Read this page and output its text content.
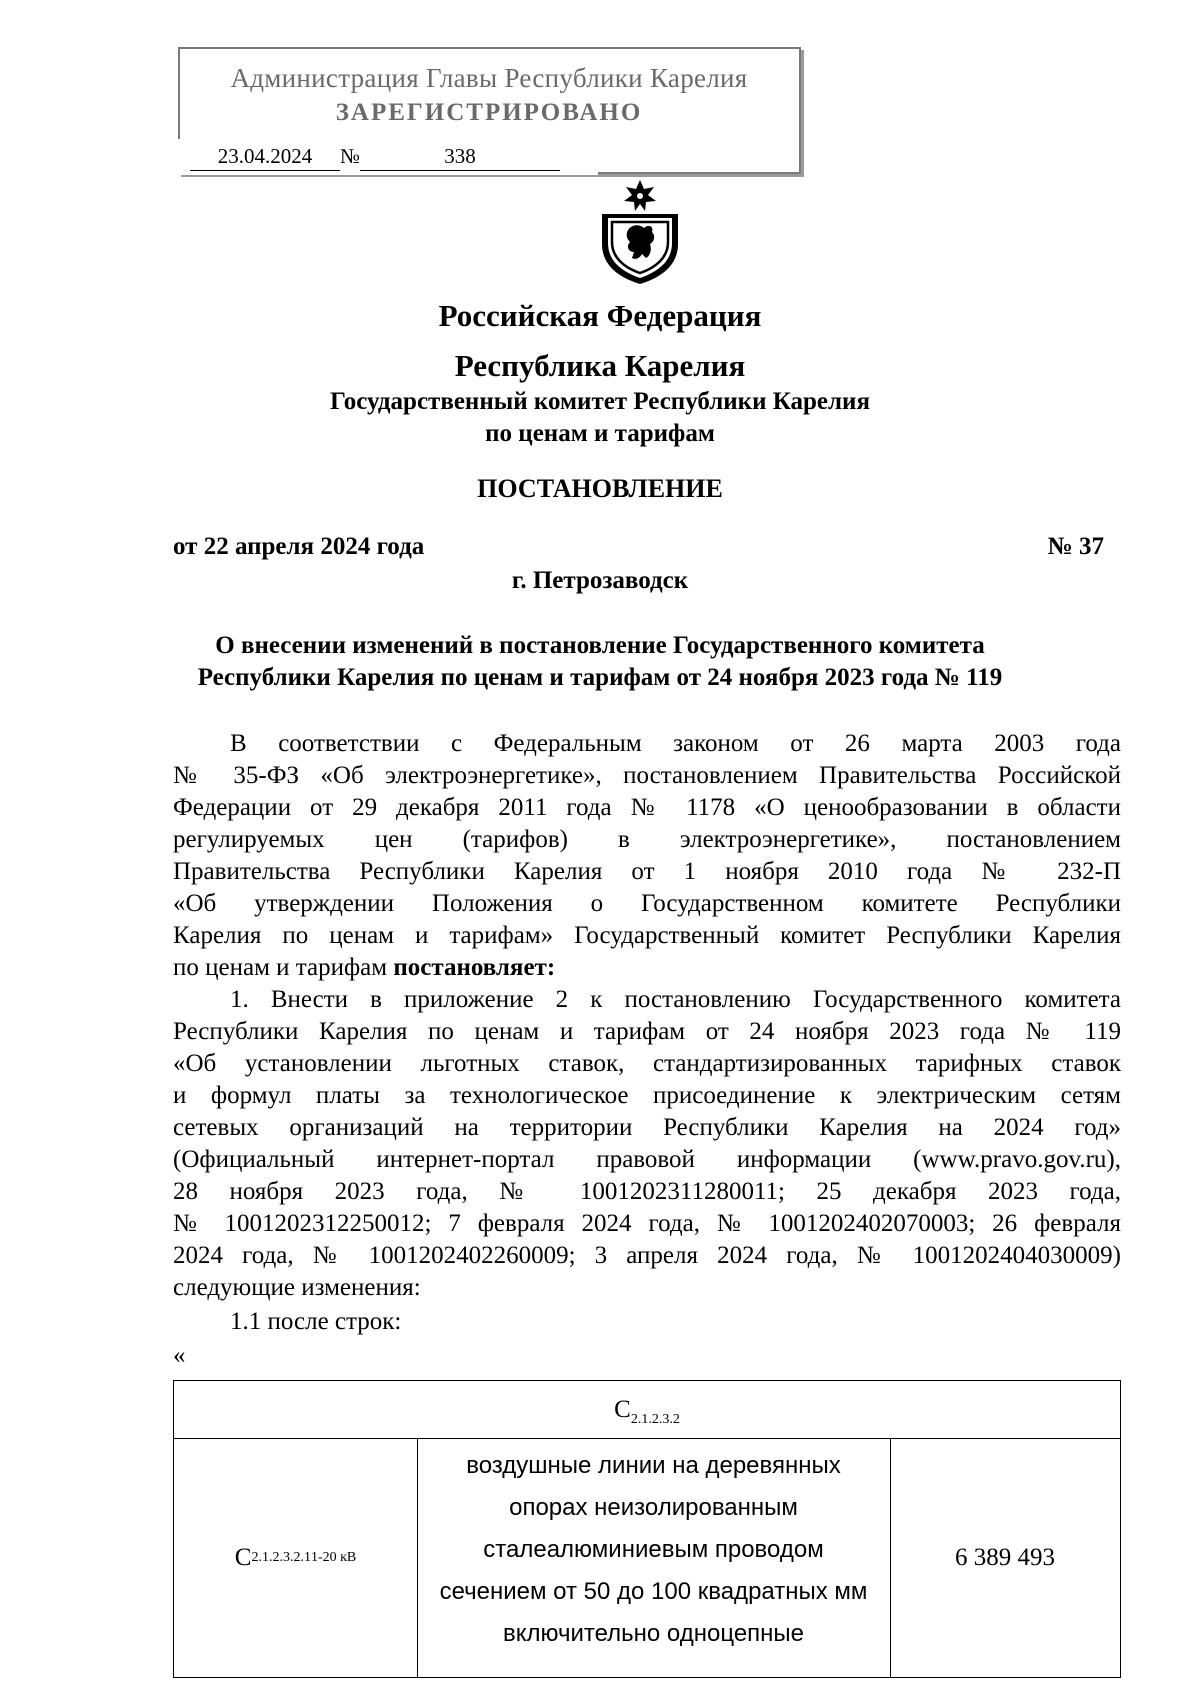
Администрация Главы Республики Карелия
ЗАРЕГИСТРИРОВАНО
23.04.2024 №	338
Российская Федерация
Республика Карелия
Государственный комитет Республики Карелия
по ценам и тарифам
ПОСТАНОВЛЕНИЕ
от 22 апреля 2024 года	№ 37
г. Петрозаводск
О внесении изменений в постановление Государственного комитета
Республики Карелия по ценам и тарифам от 24 ноября 2023 года № 119
В соответствии с Федеральным законом от 26 марта 2003 года
№ 35-ФЗ «Об электроэнергетике», постановлением Правительства Российской
Федерации от 29 декабря 2011 года № 1178 «О ценообразовании в области
регулируемых цен (тарифов) в электроэнергетике», постановлением
Правительства Республики Карелия от 1 ноября 2010 года № 232-П
«Об утверждении Положения о Государственном комитете Республики
Карелия по ценам и тарифам» Государственный комитет Республики Карелия
по ценам и тарифам постановляет:
1. Внести в приложение 2 к постановлению Государственного комитета
Республики Карелия по ценам и тарифам от 24 ноября 2023 года № 119
«Об установлении льготных ставок, стандартизированных тарифных ставок
и формул платы за технологическое присоединение к электрическим сетям
сетевых организаций на территории Республики Карелия на 2024 год»
(Официальный интернет-портал правовой информации (www.pravo.gov.ru),
28 ноября 2023 года, № 1001202311280011; 25 декабря 2023 года,
№ 1001202312250012; 7 февраля 2024 года, № 1001202402070003; 26 февраля
2024 года, № 1001202402260009; 3 апреля 2024 года, № 1001202404030009)
следующие изменения:
1.1 после строк:
«
$С_{2.1.2.3.2}$
С 2.1.2.3.2.1 1-20 кВ
воздушные линии на деревянных
опорах неизолированным
сталеалюминиевым проводом
сечением от 50 до 100 квадратных мм
включительно одноцепные
6 389 493
